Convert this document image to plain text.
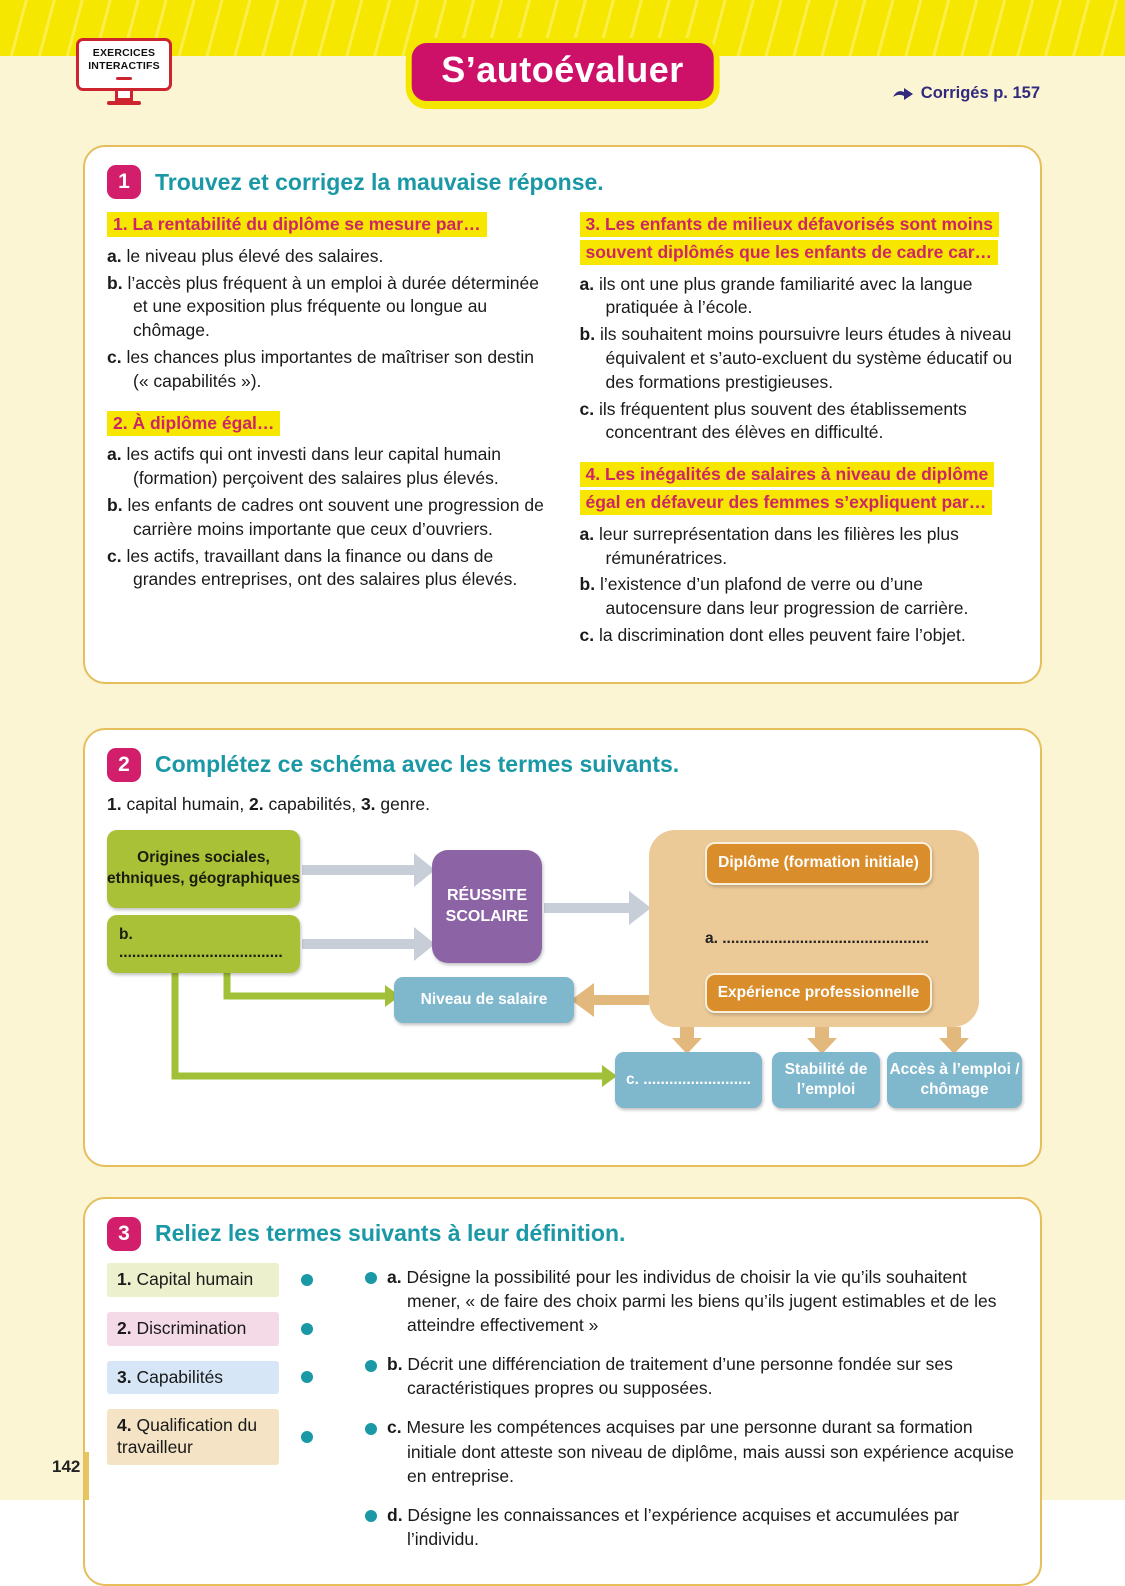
EXERCICES
INTERACTIFS	S’autoévaluer
Corrigés p. 157
1	Trouvez et corrigez la mauvaise réponse.

1. La rentabilité du diplôme se mesure par…

a. le niveau plus élevé des salaires.

b. l’accès plus fréquent à un emploi à durée déterminée et une exposition plus fréquente ou longue au chômage.

c. les chances plus importantes de maîtriser son destin (« capabilités »).

2. À diplôme égal…

a. les actifs qui ont investi dans leur capital humain (formation) perçoivent des salaires plus élevés.

b. les enfants de cadres ont souvent une progression de carrière moins importante que ceux d’ouvriers.

c. les actifs, travaillant dans la finance ou dans de grandes entreprises, ont des salaires plus élevés.

3. Les enfants de milieux défavorisés sont moins souvent diplômés que les enfants de cadre car…

a. ils ont une plus grande familiarité avec la langue pratiquée à l’école.

b. ils souhaitent moins poursuivre leurs études à niveau équivalent et s’auto-excluent du système éducatif ou des formations prestigieuses.

c. ils fréquentent plus souvent des établissements concentrant des élèves en difficulté.

4. Les inégalités de salaires à niveau de diplôme égal en défaveur des femmes s’expliquent par…

a. leur surreprésentation dans les filières les plus rémunératrices.

b. l’existence d’un plafond de verre ou d’une autocensure dans leur progression de carrière.

c. la discrimination dont elles peuvent faire l’objet.

2	Complétez ce schéma avec les termes suivants.

1. capital humain, 2. capabilités, 3. genre.

Origines sociales, ethniques, géographiques
b. ......................................
RÉUSSITE SCOLAIRE
Niveau de salaire
Diplôme (formation initiale)
a. ................................................
Expérience professionnelle
c. .........................
Stabilité de l’emploi
Accès à l’emploi / chômage
3	Reliez les termes suivants à leur définition.
1. Capital humain
2. Discrimination
3. Capabilités
4. Qualification du travailleur

a. Désigne la possibilité pour les individus de choisir la vie qu’ils souhaitent mener, « de faire des choix parmi les biens qu’ils jugent estimables et de les atteindre effectivement »

b. Décrit une différenciation de traitement d’une personne fondée sur ses caractéristiques propres ou supposées.

c. Mesure les compétences acquises par une personne durant sa formation initiale dont atteste son niveau de diplôme, mais aussi son expérience acquise en entreprise.

d. Désigne les connaissances et l’expérience acquises et accumulées par l’individu.

142
